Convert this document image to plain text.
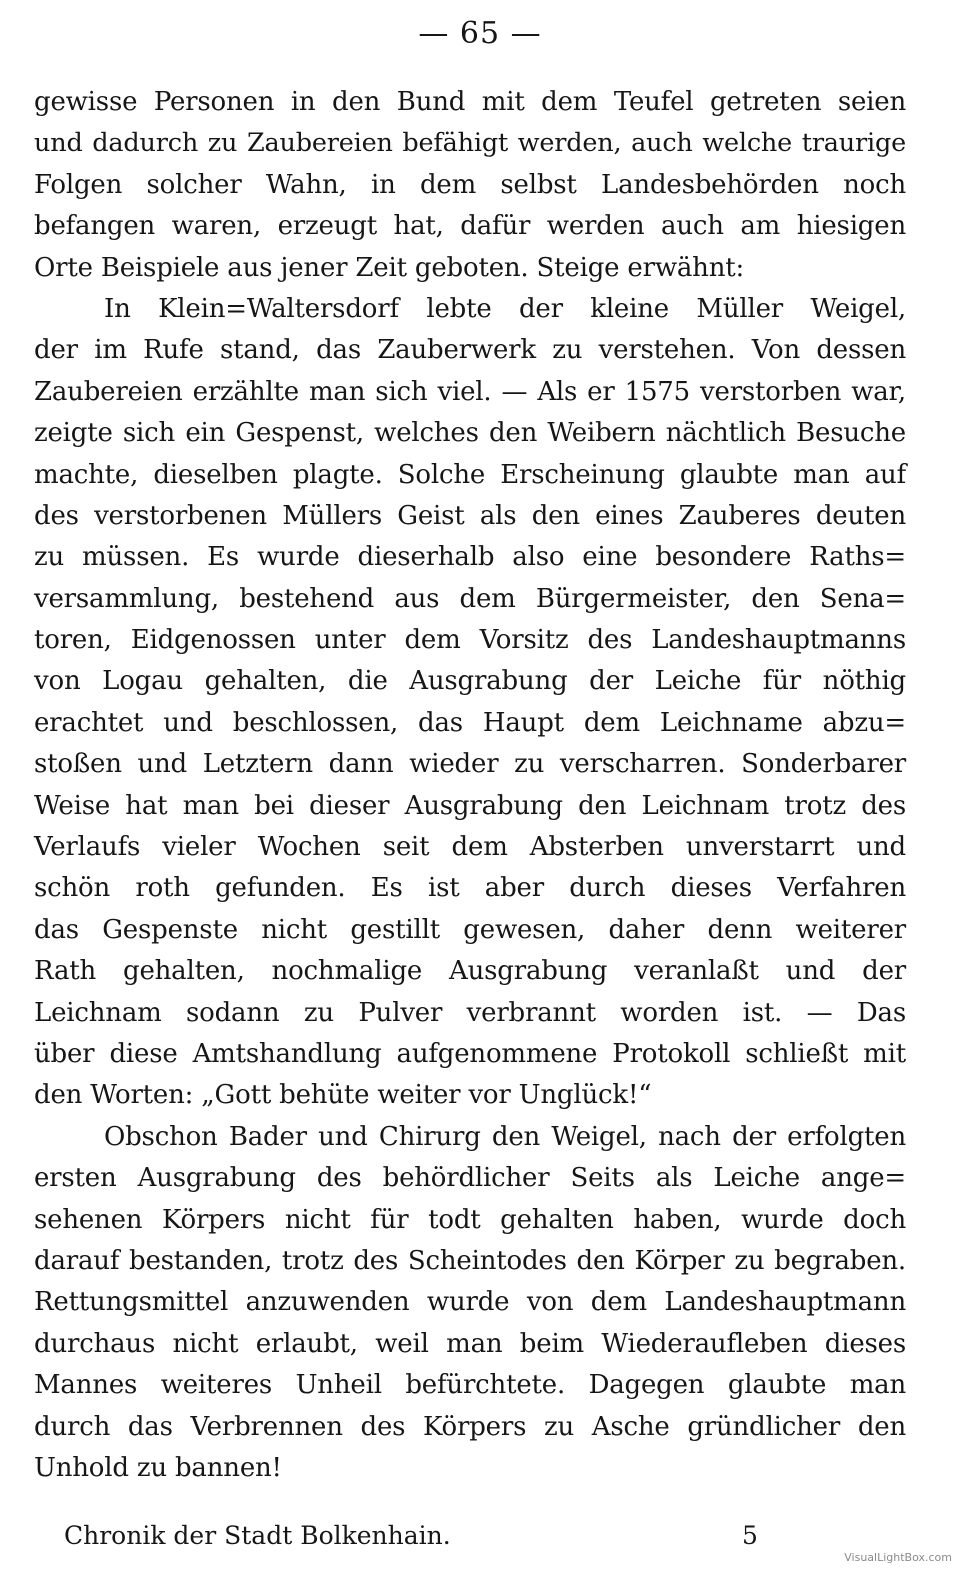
— 65 —
gewisse Personen in den Bund mit dem Teufel getreten seien
und dadurch zu Zaubereien befähigt werden, auch welche traurige
Folgen solcher Wahn, in dem selbst Landesbehörden noch
befangen waren, erzeugt hat, dafür werden auch am hiesigen
Orte Beispiele aus jener Zeit geboten. Steige erwähnt:
In Klein=Waltersdorf lebte der kleine Müller Weigel,
der im Rufe stand, das Zauberwerk zu verstehen. Von dessen
Zaubereien erzählte man sich viel. — Als er 1575 verstorben war,
zeigte sich ein Gespenst, welches den Weibern nächtlich Besuche
machte, dieselben plagte. Solche Erscheinung glaubte man auf
des verstorbenen Müllers Geist als den eines Zauberes deuten
zu müssen. Es wurde dieserhalb also eine besondere Raths=
versammlung, bestehend aus dem Bürgermeister, den Sena=
toren, Eidgenossen unter dem Vorsitz des Landeshauptmanns
von Logau gehalten, die Ausgrabung der Leiche für nöthig
erachtet und beschlossen, das Haupt dem Leichname abzu=
stoßen und Letztern dann wieder zu verscharren. Sonderbarer
Weise hat man bei dieser Ausgrabung den Leichnam trotz des
Verlaufs vieler Wochen seit dem Absterben unverstarrt und
schön roth gefunden. Es ist aber durch dieses Verfahren
das Gespenste nicht gestillt gewesen, daher denn weiterer
Rath gehalten, nochmalige Ausgrabung veranlaßt und der
Leichnam sodann zu Pulver verbrannt worden ist. — Das
über diese Amtshandlung aufgenommene Protokoll schließt mit
den Worten: „Gott behüte weiter vor Unglück!“
Obschon Bader und Chirurg den Weigel, nach der erfolgten
ersten Ausgrabung des behördlicher Seits als Leiche ange=
sehenen Körpers nicht für todt gehalten haben, wurde doch
darauf bestanden, trotz des Scheintodes den Körper zu begraben.
Rettungsmittel anzuwenden wurde von dem Landeshauptmann
durchaus nicht erlaubt, weil man beim Wiederaufleben dieses
Mannes weiteres Unheil befürchtete. Dagegen glaubte man
durch das Verbrennen des Körpers zu Asche gründlicher den
Unhold zu bannen!
Chronik der Stadt Bolkenhain.	5
VisualLightBox.com
